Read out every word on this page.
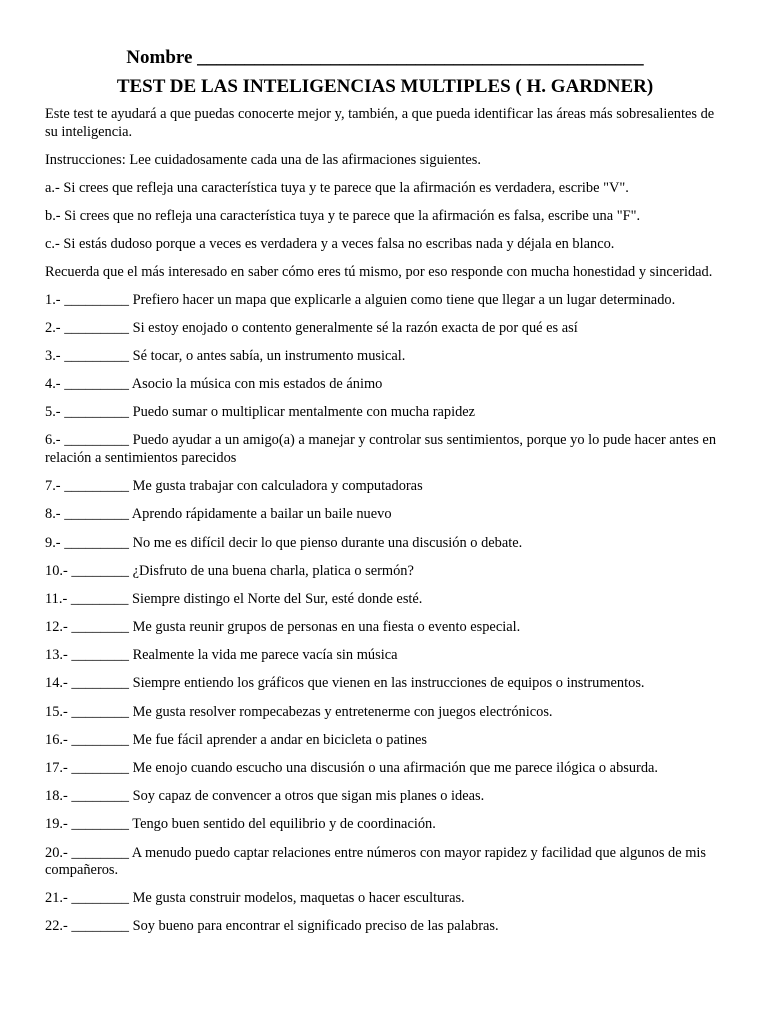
Nombre _______________________________________________
TEST DE LAS INTELIGENCIAS MULTIPLES ( H. GARDNER)

Este test te ayudará a que puedas conocerte mejor y, también, a que pueda identificar las áreas más sobresalientes de su inteligencia.

Instrucciones: Lee cuidadosamente cada una de las afirmaciones siguientes.

a.- Si crees que refleja una característica tuya y te parece que la afirmación es verdadera, escribe "V".

b.- Si crees que no refleja una característica tuya y te parece que la afirmación es falsa, escribe una "F".

c.- Si estás dudoso porque a veces es verdadera y a veces falsa no escribas nada y déjala en blanco.

Recuerda que el más interesado en saber cómo eres tú mismo, por eso responde con mucha honestidad y sinceridad.

1.- _________ Prefiero hacer un mapa que explicarle a alguien como tiene que llegar a un lugar determinado.

2.- _________ Si estoy enojado o contento generalmente sé la razón exacta de por qué es así

3.- _________ Sé tocar, o antes sabía, un instrumento musical.

4.- _________ Asocio la música con mis estados de ánimo

5.- _________ Puedo sumar o multiplicar mentalmente con mucha rapidez

6.- _________ Puedo ayudar a un amigo(a) a manejar y controlar sus sentimientos, porque yo lo pude hacer antes en relación a sentimientos parecidos

7.- _________ Me gusta trabajar con calculadora y computadoras

8.- _________ Aprendo rápidamente a bailar un baile nuevo

9.- _________ No me es difícil decir lo que pienso durante una discusión o debate.

10.- ________ ¿Disfruto de una buena charla, platica o sermón?

11.- ________ Siempre distingo el Norte del Sur, esté donde esté.

12.- ________ Me gusta reunir grupos de personas en una fiesta o evento especial.

13.- ________ Realmente la vida me parece vacía sin música

14.- ________ Siempre entiendo los gráficos que vienen en las instrucciones de equipos o instrumentos.

15.- ________ Me gusta resolver rompecabezas y entretenerme con juegos electrónicos.

16.- ________ Me fue fácil aprender a andar en bicicleta o patines

17.- ________ Me enojo cuando escucho una discusión o una afirmación que me parece ilógica o absurda.

18.- ________ Soy capaz de convencer a otros que sigan mis planes o ideas.

19.- ________ Tengo buen sentido del equilibrio y de coordinación.

20.- ________ A menudo puedo captar relaciones entre números con mayor rapidez y facilidad que algunos de mis compañeros.

21.- ________ Me gusta construir modelos, maquetas o hacer esculturas.

22.- ________ Soy bueno para encontrar el significado preciso de las palabras.
